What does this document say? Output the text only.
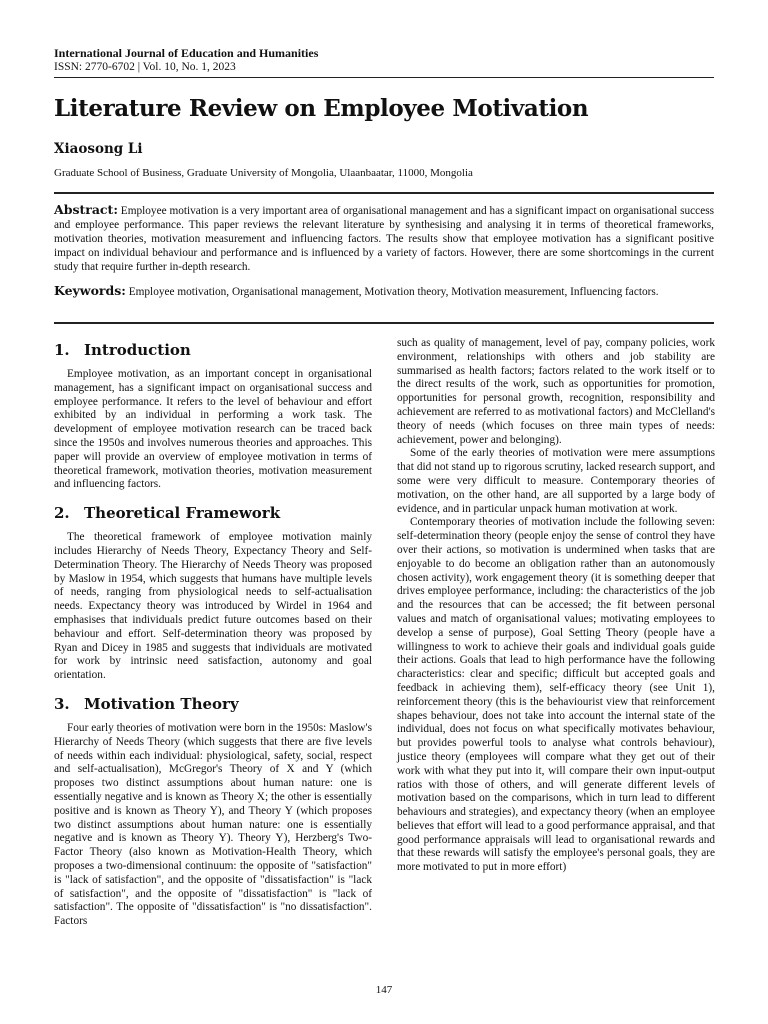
International Journal of Education and Humanities
ISSN: 2770-6702 | Vol. 10, No. 1, 2023
Literature Review on Employee Motivation
Xiaosong Li
Graduate School of Business, Graduate University of Mongolia, Ulaanbaatar, 11000, Mongolia

Abstract: Employee motivation is a very important area of organisational management and has a significant impact on organisational success and employee performance. This paper reviews the relevant literature by synthesising and analysing it in terms of theoretical frameworks, motivation theories, motivation measurement and influencing factors. The results show that employee motivation has a significant positive impact on individual behaviour and performance and is influenced by a variety of factors. However, there are some shortcomings in the current study that require further in-depth research.

Keywords: Employee motivation, Organisational management, Motivation theory, Motivation measurement, Influencing factors.

1. Introduction

Employee motivation, as an important concept in organisational management, has a significant impact on organisational success and employee performance. It refers to the level of behaviour and effort exhibited by an individual in performing a work task. The development of employee motivation research can be traced back since the 1950s and involves numerous theories and approaches. This paper will provide an overview of employee motivation in terms of theoretical framework, motivation theories, motivation measurement and influencing factors.

2. Theoretical Framework

The theoretical framework of employee motivation mainly includes Hierarchy of Needs Theory, Expectancy Theory and Self-Determination Theory. The Hierarchy of Needs Theory was proposed by Maslow in 1954, which suggests that humans have multiple levels of needs, ranging from physiological needs to self-actualisation needs. Expectancy theory was introduced by Wirdel in 1964 and emphasises that individuals predict future outcomes based on their behaviour and effort. Self-determination theory was proposed by Ryan and Dicey in 1985 and suggests that individuals are motivated for work by intrinsic need satisfaction, autonomy and goal orientation.

3. Motivation Theory

Four early theories of motivation were born in the 1950s: Maslow's Hierarchy of Needs Theory (which suggests that there are five levels of needs within each individual: physiological, safety, social, respect and self-actualisation), McGregor's Theory of X and Y (which proposes two distinct assumptions about human nature: one is essentially negative and is known as Theory X; the other is essentially positive and is known as Theory Y), and Theory Y (which proposes two distinct assumptions about human nature: one is essentially negative and is known as Theory Y). Theory Y), Herzberg's Two-Factor Theory (also known as Motivation-Health Theory, which proposes a two-dimensional continuum: the opposite of "satisfaction" is "lack of satisfaction", and the opposite of "dissatisfaction" is "lack of satisfaction", and the opposite of "dissatisfaction" is "lack of satisfaction". The opposite of "dissatisfaction" is "no dissatisfaction". Factors

such as quality of management, level of pay, company policies, work environment, relationships with others and job stability are summarised as health factors; factors related to the work itself or to the direct results of the work, such as opportunities for promotion, opportunities for personal growth, recognition, responsibility and achievement are referred to as motivational factors) and McClelland's theory of needs (which focuses on three main types of needs: achievement, power and belonging).

Some of the early theories of motivation were mere assumptions that did not stand up to rigorous scrutiny, lacked research support, and some were very difficult to measure. Contemporary theories of motivation, on the other hand, are all supported by a large body of evidence, and in particular unpack human motivation at work.

Contemporary theories of motivation include the following seven: self-determination theory (people enjoy the sense of control they have over their actions, so motivation is undermined when tasks that are enjoyable to do become an obligation rather than an autonomously chosen activity), work engagement theory (it is something deeper that drives employee performance, including: the characteristics of the job and the resources that can be accessed; the fit between personal values and match of organisational values; motivating employees to develop a sense of purpose), Goal Setting Theory (people have a willingness to work to achieve their goals and individual goals guide their actions. Goals that lead to high performance have the following characteristics: clear and specific; difficult but accepted goals and feedback in achieving them), self-efficacy theory (see Unit 1), reinforcement theory (this is the behaviourist view that reinforcement shapes behaviour, does not take into account the internal state of the individual, does not focus on what specifically motivates behaviour, but provides powerful tools to analyse what controls behaviour), justice theory (employees will compare what they get out of their work with what they put into it, will compare their own input-output ratios with those of others, and will generate different levels of motivation based on the comparisons, which in turn lead to different behaviours and strategies), and expectancy theory (when an employee believes that effort will lead to a good performance appraisal, and that good performance appraisals will lead to organisational rewards and that these rewards will satisfy the employee's personal goals, they are more motivated to put in more effort)

147
